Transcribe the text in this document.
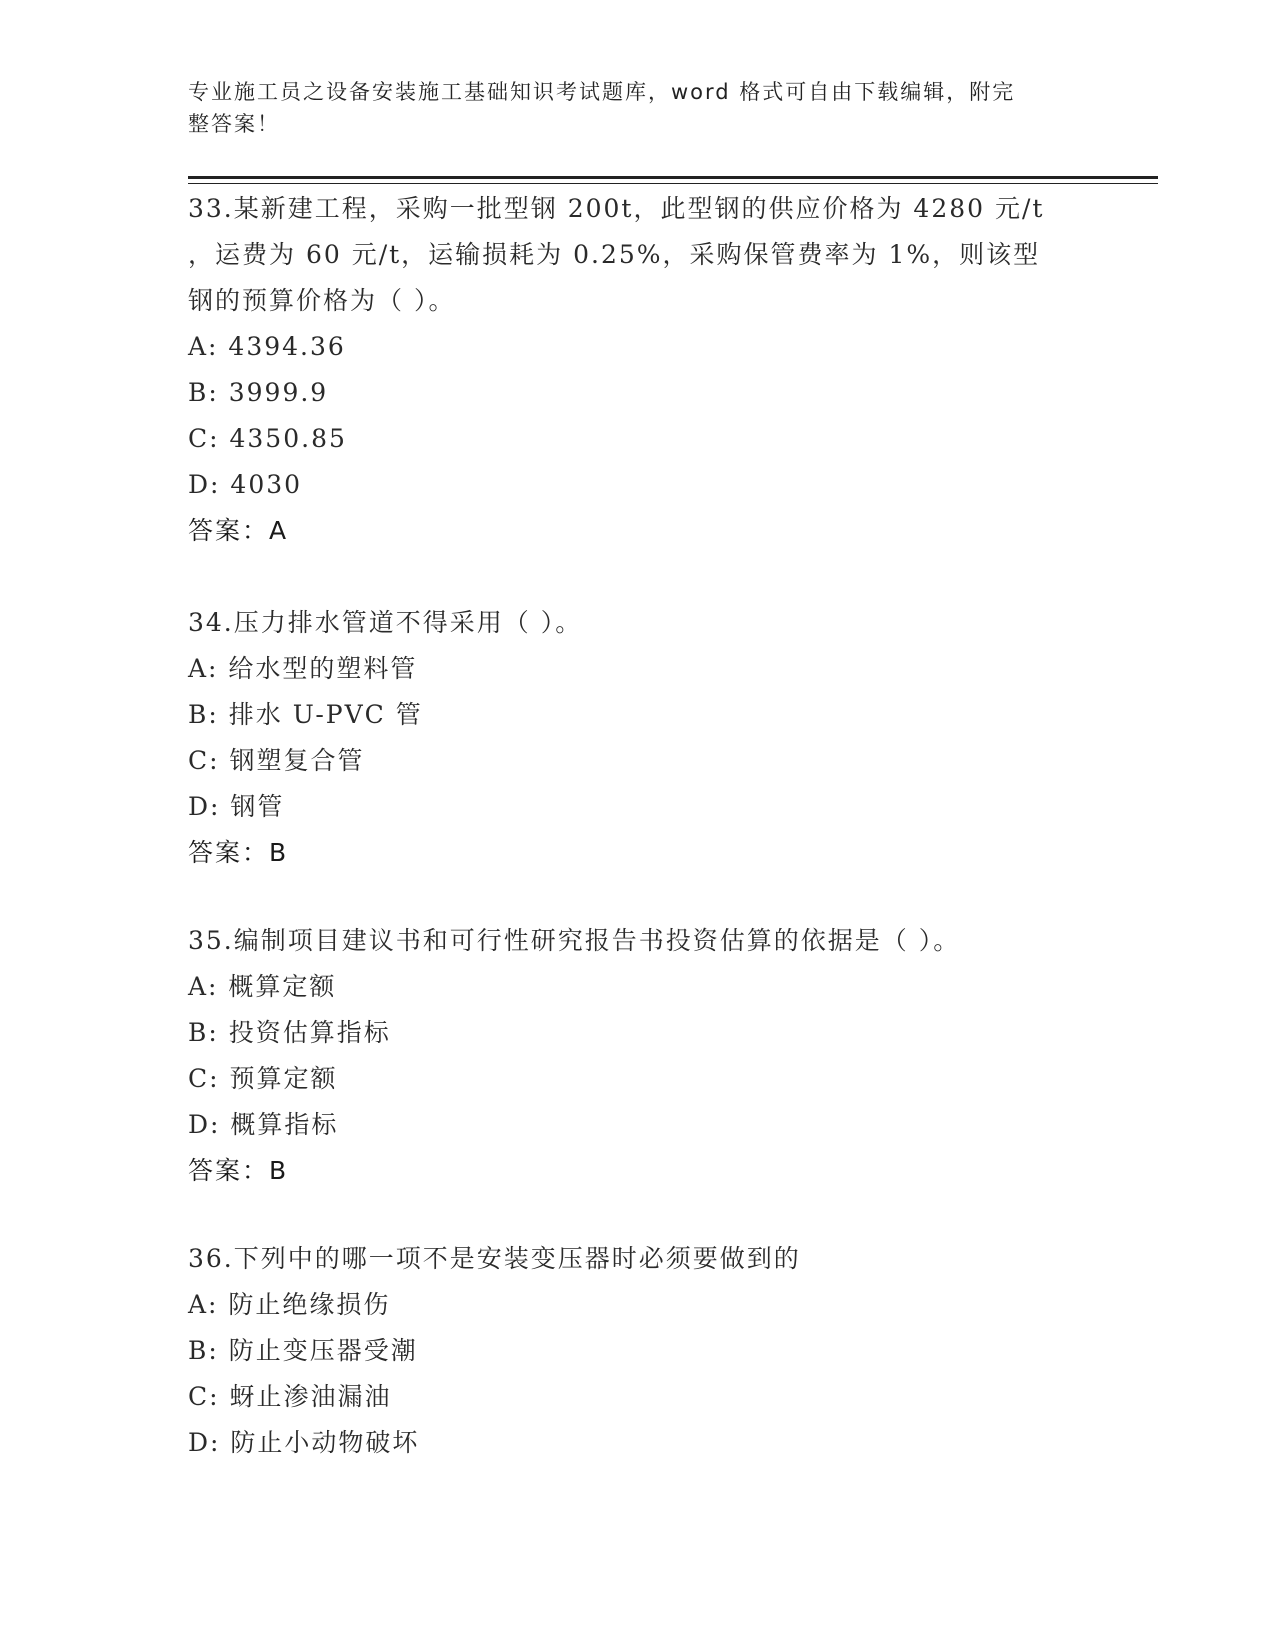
专业施工员之设备安装施工基础知识考试题库，word 格式可自由下载编辑，附完
整答案！

33.某新建工程，采购一批型钢 200t，此型钢的供应价格为 4280 元/t

，运费为 60 元/t，运输损耗为 0.25%，采购保管费率为 1%，则该型

钢的预算价格为（ ）。

A: 4394.36

B: 3999.9

C: 4350.85

D: 4030

答案：A

34.压力排水管道不得采用（ ）。

A: 给水型的塑料管

B: 排水 U-PVC 管

C: 钢塑复合管

D: 钢管

答案：B

35.编制项目建议书和可行性研究报告书投资估算的依据是（ ）。

A: 概算定额

B: 投资估算指标

C: 预算定额

D: 概算指标

答案：B

36.下列中的哪一项不是安装变压器时必须要做到的

A: 防止绝缘损伤

B: 防止变压器受潮

C: 蚜止渗油漏油

D: 防止小动物破坏
